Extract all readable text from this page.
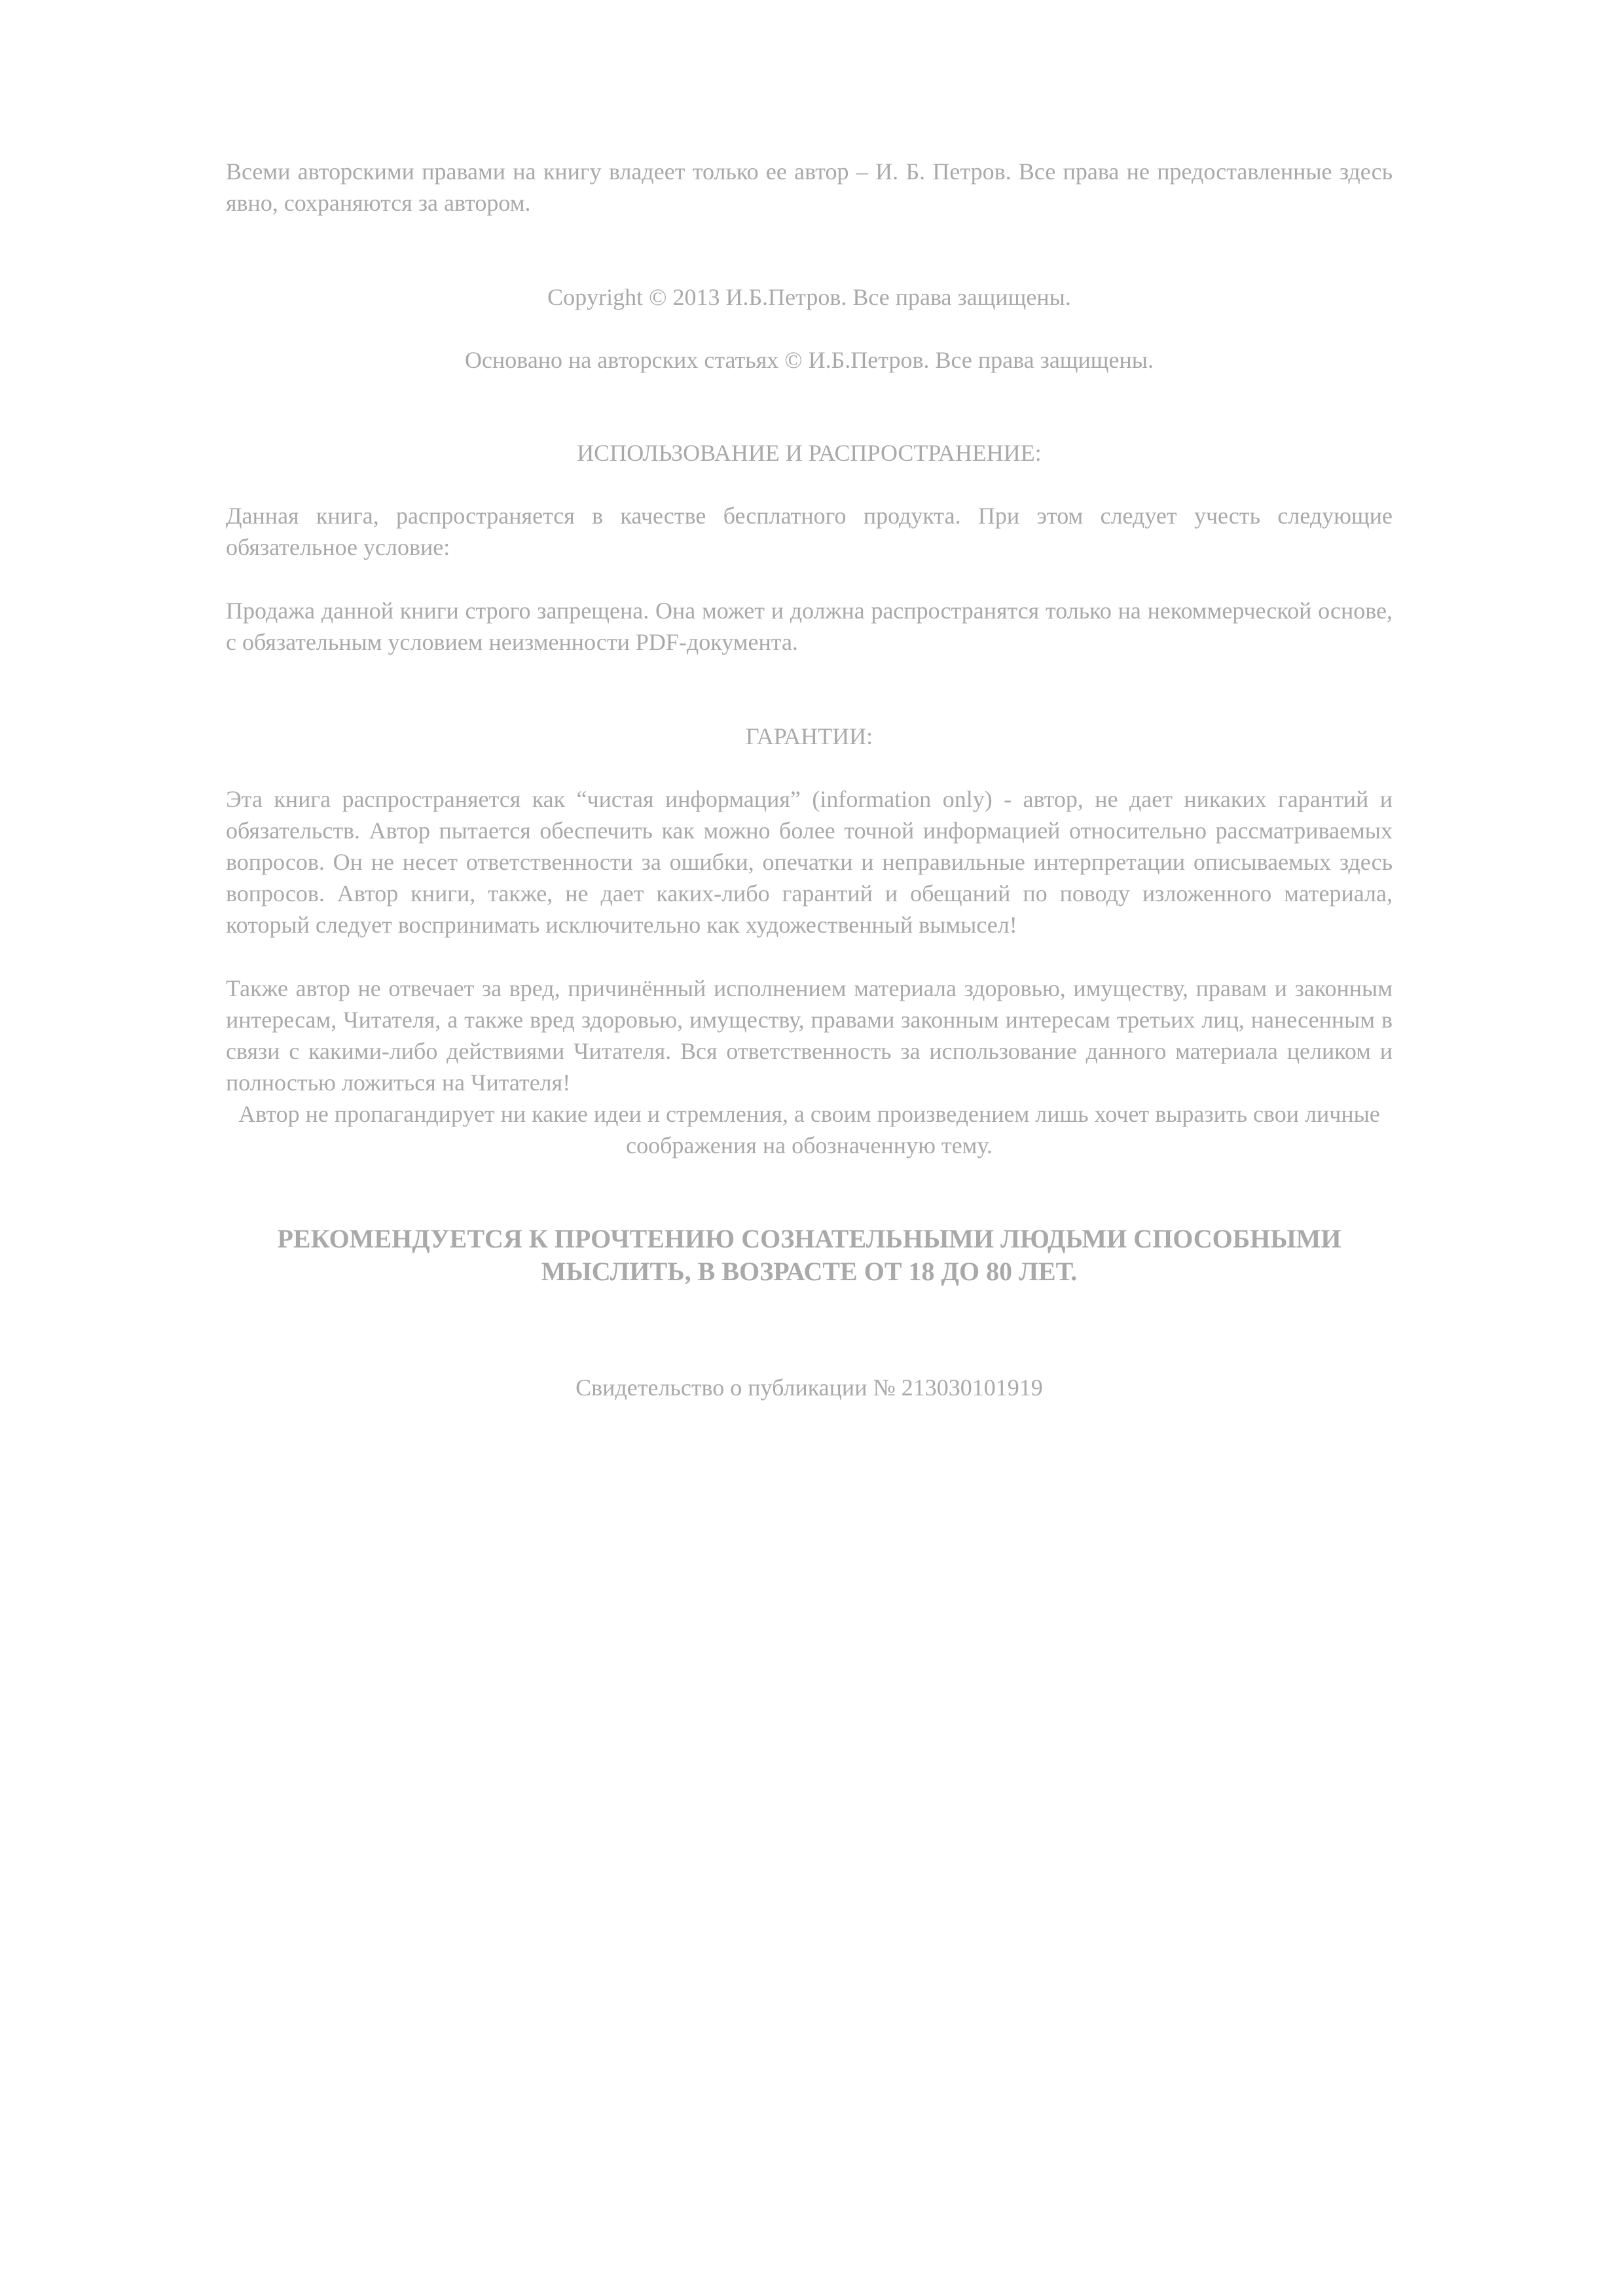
Всеми авторскими правами на книгу владеет только ее автор – И. Б. Петров. Все права не предоставленные здесь явно, сохраняются за автором.

Copyright © 2013 И.Б.Петров. Все права защищены.

Основано на авторских статьях © И.Б.Петров. Все права защищены.

ИСПОЛЬЗОВАНИЕ И РАСПРОСТРАНЕНИЕ:

Данная книга, распространяется в качестве бесплатного продукта. При этом следует учесть следующие обязательное условие:

Продажа данной книги строго запрещена. Она может и должна распространятся только на некоммерческой основе, с обязательным условием неизменности PDF-документа.

ГАРАНТИИ:

Эта книга распространяется как “чистая информация” (information only) - автор, не дает никаких гарантий и обязательств. Автор пытается обеспечить как можно более точной информацией относительно рассматриваемых вопросов. Он не несет ответственности за ошибки, опечатки и неправильные интерпретации описываемых здесь вопросов. Автор книги, также, не дает каких-либо гарантий и обещаний по поводу изложенного материала, который следует воспринимать исключительно как художественный вымысел!

Также автор не отвечает за вред, причинённый исполнением материала здоровью, имуществу, правам и законным интересам, Читателя, а также вред здоровью, имуществу, правами законным интересам третьих лиц, нанесенным в связи с какими-либо действиями Читателя. Вся ответственность за использование данного материала целиком и полностью ложиться на Читателя!

Автор не пропагандирует ни какие идеи и стремления, а своим произведением лишь хочет выразить свои личные соображения на обозначенную тему.

РЕКОМЕНДУЕТСЯ К ПРОЧТЕНИЮ СОЗНАТЕЛЬНЫМИ ЛЮДЬМИ СПОСОБНЫМИ МЫСЛИТЬ, В ВОЗРАСТЕ ОТ 18 ДО 80 ЛЕТ.

Свидетельство о публикации № 213030101919
